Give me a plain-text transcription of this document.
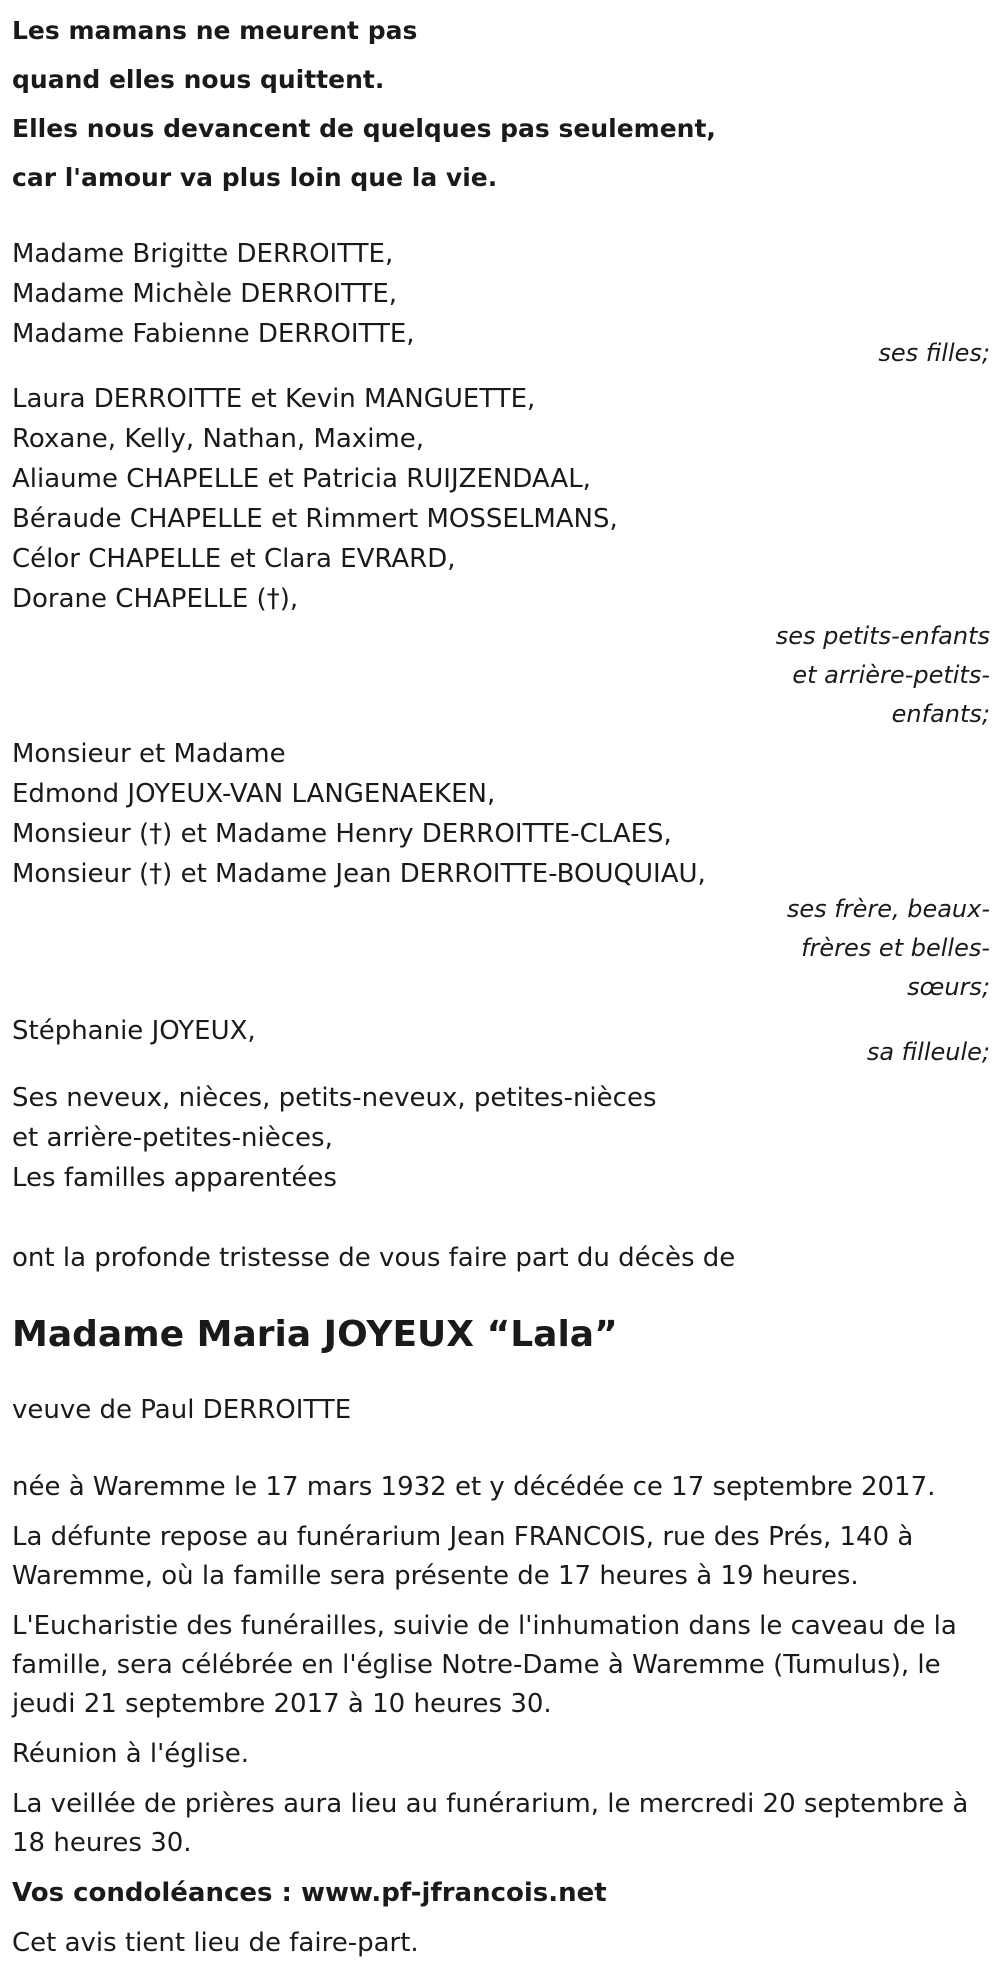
Les mamans ne meurent pas
quand elles nous quittent.
Elles nous devancent de quelques pas seulement,
car l'amour va plus loin que la vie.
Madame Brigitte DERROITTE,
Madame Michèle DERROITTE,
Madame Fabienne DERROITTE,
ses filles;
Laura DERROITTE et Kevin MANGUETTE,
Roxane, Kelly, Nathan, Maxime,
Aliaume CHAPELLE et Patricia RUIJZENDAAL,
Béraude CHAPELLE et Rimmert MOSSELMANS,
Célor CHAPELLE et Clara EVRARD,
Dorane CHAPELLE (†),
ses petits-enfants
et arrière-petits-
enfants;
Monsieur et Madame
Edmond JOYEUX-VAN LANGENAEKEN,
Monsieur (†) et Madame Henry DERROITTE-CLAES,
Monsieur (†) et Madame Jean DERROITTE-BOUQUIAU,
ses frère, beaux-
frères et belles-
sœurs;
Stéphanie JOYEUX,
sa filleule;
Ses neveux, nièces, petits-neveux, petites-nièces
et arrière-petites-nièces,
Les familles apparentées
ont la profonde tristesse de vous faire part du décès de
Madame Maria JOYEUX “Lala”
veuve de Paul DERROITTE

née à Waremme le 17 mars 1932 et y décédée ce 17 septembre 2017.

La défunte repose au funérarium Jean FRANCOIS, rue des Prés, 140 à Waremme, où la famille sera présente de 17 heures à 19 heures.

L'Eucharistie des funérailles, suivie de l'inhumation dans le caveau de la famille, sera célébrée en l'église Notre-Dame à Waremme (Tumulus), le jeudi 21 septembre 2017 à 10 heures 30.

Réunion à l'église.

La veillée de prières aura lieu au funérarium, le mercredi 20 septembre à 18 heures 30.

Vos condoléances : www.pf-jfrancois.net

Cet avis tient lieu de faire-part.
